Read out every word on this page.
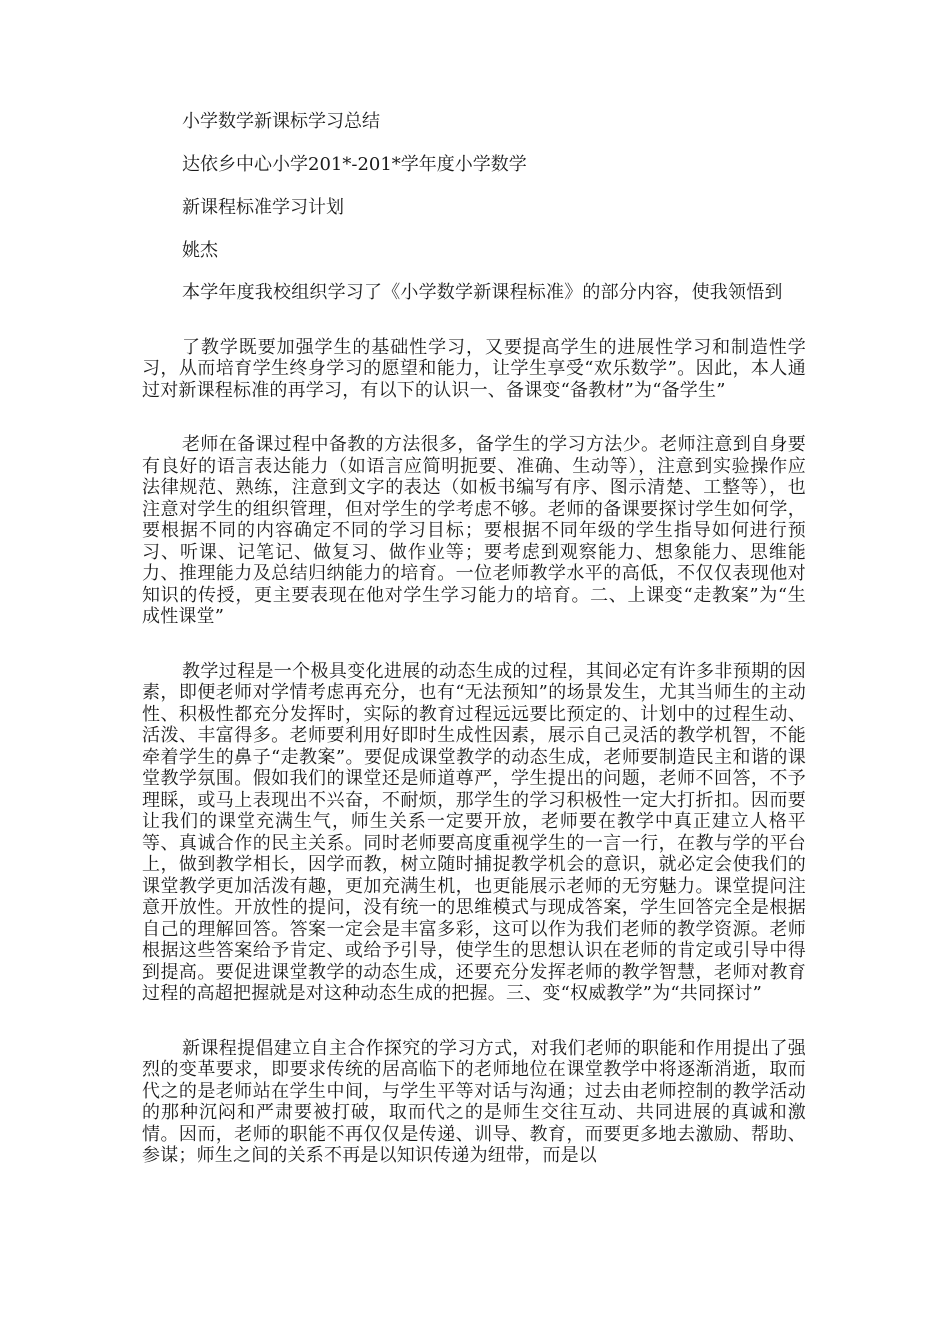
小学数学新课标学习总结
达依乡中心小学201*-201*学年度小学数学
新课程标准学习计划
姚杰

本学年度我校组织学习了《小学数学新课程标准》的部分内容，使我领悟到

了教学既要加强学生的基础性学习，又要提高学生的进展性学习和制造性学习，从而培育学生终身学习的愿望和能力，让学生享受“欢乐数学”。因此，本人通过对新课程标准的再学习，有以下的认识一、备课变“备教材”为“备学生”

老师在备课过程中备教的方法很多，备学生的学习方法少。老师注意到自身要有良好的语言表达能力（如语言应简明扼要、准确、生动等），注意到实验操作应法律规范、熟练，注意到文字的表达（如板书编写有序、图示清楚、工整等），也注意对学生的组织管理，但对学生的学考虑不够。老师的备课要探讨学生如何学，要根据不同的内容确定不同的学习目标；要根据不同年级的学生指导如何进行预习、听课、记笔记、做复习、做作业等；要考虑到观察能力、想象能力、思维能力、推理能力及总结归纳能力的培育。一位老师教学水平的高低，不仅仅表现他对知识的传授，更主要表现在他对学生学习能力的培育。二、上课变“走教案”为“生成性课堂”

教学过程是一个极具变化进展的动态生成的过程，其间必定有许多非预期的因素，即便老师对学情考虑再充分，也有“无法预知”的场景发生，尤其当师生的主动性、积极性都充分发挥时，实际的教育过程远远要比预定的、计划中的过程生动、活泼、丰富得多。老师要利用好即时生成性因素，展示自己灵活的教学机智，不能牵着学生的鼻子“走教案”。要促成课堂教学的动态生成，老师要制造民主和谐的课堂教学氛围。假如我们的课堂还是师道尊严，学生提出的问题，老师不回答，不予理睬，或马上表现出不兴奋，不耐烦，那学生的学习积极性一定大打折扣。因而要让我们的课堂充满生气，师生关系一定要开放，老师要在教学中真正建立人格平等、真诚合作的民主关系。同时老师要高度重视学生的一言一行，在教与学的平台上，做到教学相长，因学而教，树立随时捕捉教学机会的意识，就必定会使我们的课堂教学更加活泼有趣，更加充满生机，也更能展示老师的无穷魅力。课堂提问注意开放性。开放性的提问，没有统一的思维模式与现成答案，学生回答完全是根据自己的理解回答。答案一定会是丰富多彩，这可以作为我们老师的教学资源。老师根据这些答案给予肯定、或给予引导，使学生的思想认识在老师的肯定或引导中得到提高。要促进课堂教学的动态生成，还要充分发挥老师的教学智慧，老师对教育过程的高超把握就是对这种动态生成的把握。三、变“权威教学”为“共同探讨”

新课程提倡建立自主合作探究的学习方式，对我们老师的职能和作用提出了强烈的变革要求，即要求传统的居高临下的老师地位在课堂教学中将逐渐消逝，取而代之的是老师站在学生中间，与学生平等对话与沟通；过去由老师控制的教学活动的那种沉闷和严肃要被打破，取而代之的是师生交往互动、共同进展的真诚和激情。因而，老师的职能不再仅仅是传递、训导、教育，而要更多地去激励、帮助、参谋；师生之间的关系不再是以知识传递为纽带，而是以
